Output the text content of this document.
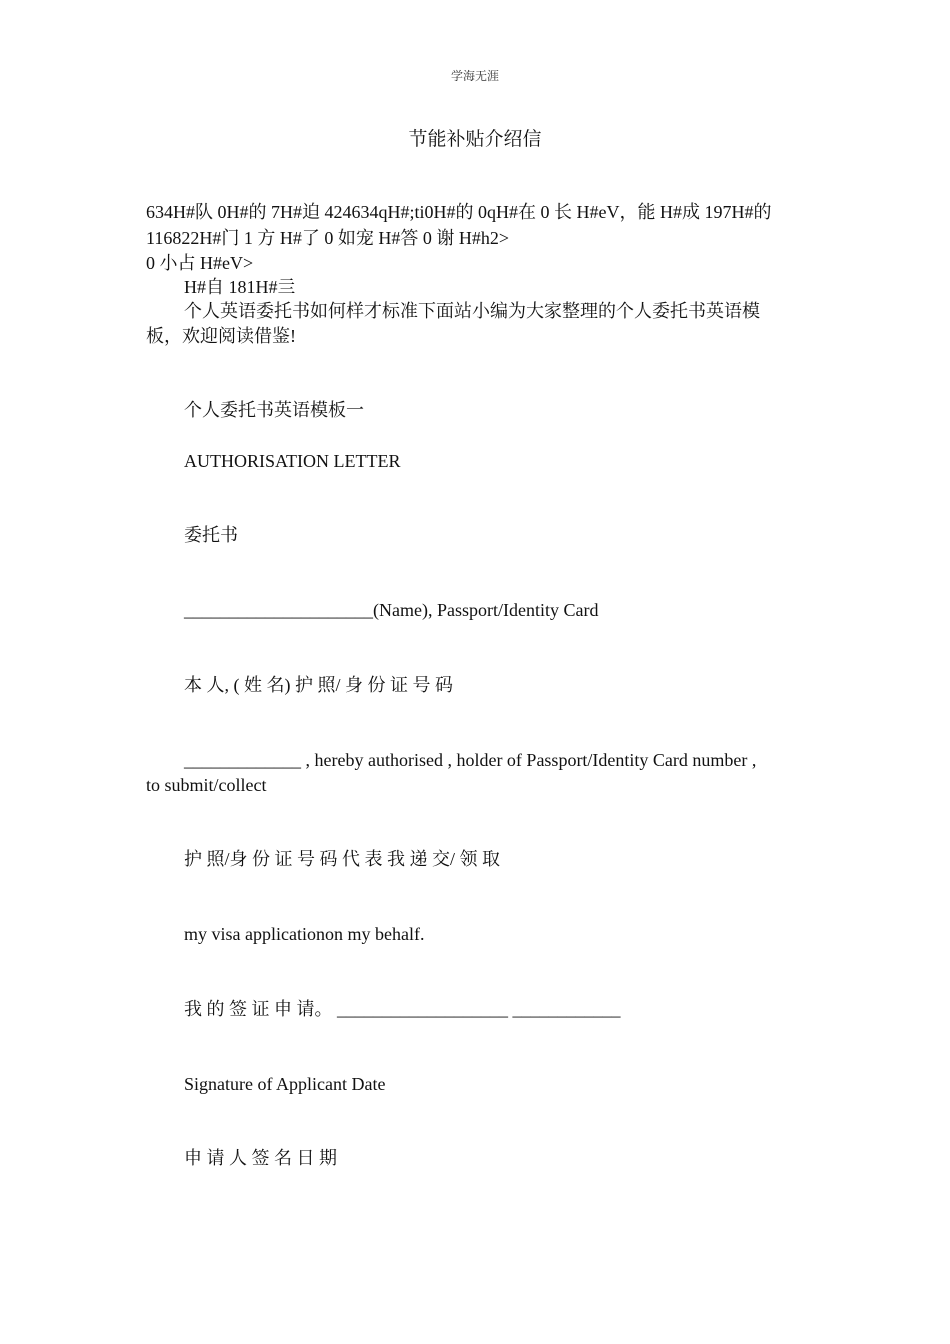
学海无涯
节能补贴介绍信

634H#队 0H#的 7H#迫 424634qH#;ti0H#的 0qH#在 0 长 H#eV，能 H#成 197H#的

116822H#门 1 方 H#了 0 如宠 H#答 0 谢 H#h2>

0 小占 H#eV>

H#自 181H#亖

个人英语委托书如何样才标准下面站小编为大家整理的个人委托书英语模

板，欢迎阅读借鉴!

个人委托书英语模板一

AUTHORISATION LETTER

委托书

_____________________(Name), Passport/Identity Card

本 人, ( 姓 名) 护 照/ 身 份 证 号 码

_____________ , hereby authorised , holder of Passport/Identity Card number ,

to submit/collect

护 照/身 份 证 号 码 代 表 我 递 交/ 领 取

my visa applicationon my behalf.

我 的 签 证 申 请。 ___________________ ____________

Signature of Applicant Date

申 请 人 签 名 日 期
